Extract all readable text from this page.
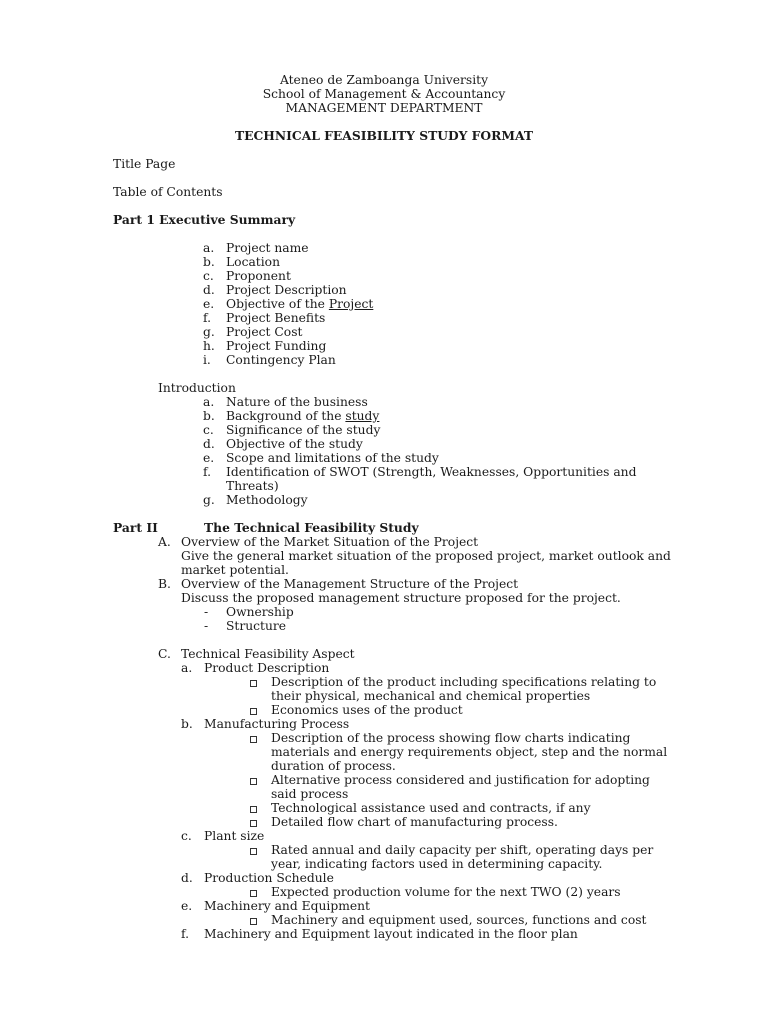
Ateneo de Zamboanga University
School of Management & Accountancy
MANAGEMENT DEPARTMENT
TECHNICAL FEASIBILITY STUDY FORMAT
Title Page
Table of Contents
Part 1 Executive Summary
a. Project name
b. Location
c. Proponent
d. Project Description
e. Objective of the Project
f. Project Benefits
g. Project Cost
h. Project Funding
i. Contingency Plan
Introduction
a. Nature of the business
b. Background of the study
c. Significance of the study
d. Objective of the study
e. Scope and limitations of the study
f. Identification of SWOT (Strength, Weaknesses, Opportunities and
Threats)
g. Methodology
Part II	The Technical Feasibility Study
A. Overview of the Market Situation of the Project
Give the general market situation of the proposed project, market outlook and
market potential.
B. Overview of the Management Structure of the Project
Discuss the proposed management structure proposed for the project.
- Ownership
- Structure
C. Technical Feasibility Aspect
a. Product Description
Description of the product including specifications relating to
their physical, mechanical and chemical properties
Economics uses of the product
b. Manufacturing Process
Description of the process showing flow charts indicating
materials and energy requirements object, step and the normal
duration of process.
Alternative process considered and justification for adopting
said process
Technological assistance used and contracts, if any
Detailed flow chart of manufacturing process.
c. Plant size
Rated annual and daily capacity per shift, operating days per
year, indicating factors used in determining capacity.
d. Production Schedule
Expected production volume for the next TWO (2) years
e. Machinery and Equipment
Machinery and equipment used, sources, functions and cost
f. Machinery and Equipment layout indicated in the floor plan
